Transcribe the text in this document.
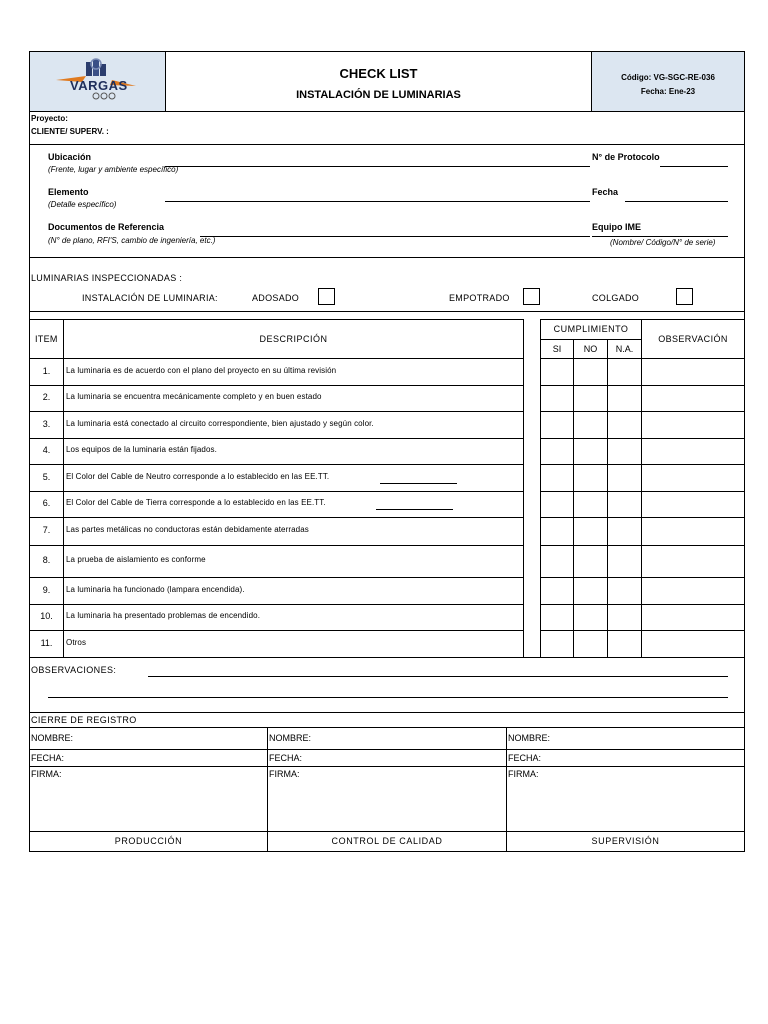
VARGAS
CHECK LIST
INSTALACIÓN DE LUMINARIAS
Código: VG-SGC-RE-036
Fecha: Ene-23
Proyecto:
CLIENTE/ SUPERV. :
Ubicación
(Frente, lugar y ambiente específico)
N° de Protocolo
Elemento
(Detalle específico)
Fecha
Documentos de Referencia
(N° de plano, RFI'S, cambio de ingeniería, etc.)
Equipo IME
(Nombre/ Código/N° de serie)
LUMINARIAS INSPECCIONADAS :
INSTALACIÓN DE LUMINARIA:	ADOSADO	EMPOTRADO	COLGADO
ITEM	DESCRIPCIÓN
CUMPLIMIENTO
SI	NO	N.A.
OBSERVACIÓN
1.	La luminaria es de acuerdo con el plano del proyecto en su última revisión
2.	La luminaria se encuentra mecánicamente completo y en buen estado
3.	La luminaria está conectado al circuito correspondiente, bien ajustado y según color.
4.	Los equipos de la luminaria están fijados.
5.	El Color del Cable de Neutro corresponde a lo establecido en las EE.TT.
6.	El Color del Cable de Tierra corresponde a lo establecido en las EE.TT.
7.	Las partes metálicas no conductoras están debidamente aterradas
8.	La prueba de aislamiento es conforme
9.	La luminaria ha funcionado (lampara encendida).
10.	La luminaria ha presentado problemas de encendido.
11.	Otros
OBSERVACIONES:
CIERRE DE REGISTRO
NOMBRE:	NOMBRE:	NOMBRE:
FECHA:	FECHA:	FECHA:
FIRMA:	FIRMA:	FIRMA:
PRODUCCIÓN	CONTROL DE CALIDAD	SUPERVISIÓN
